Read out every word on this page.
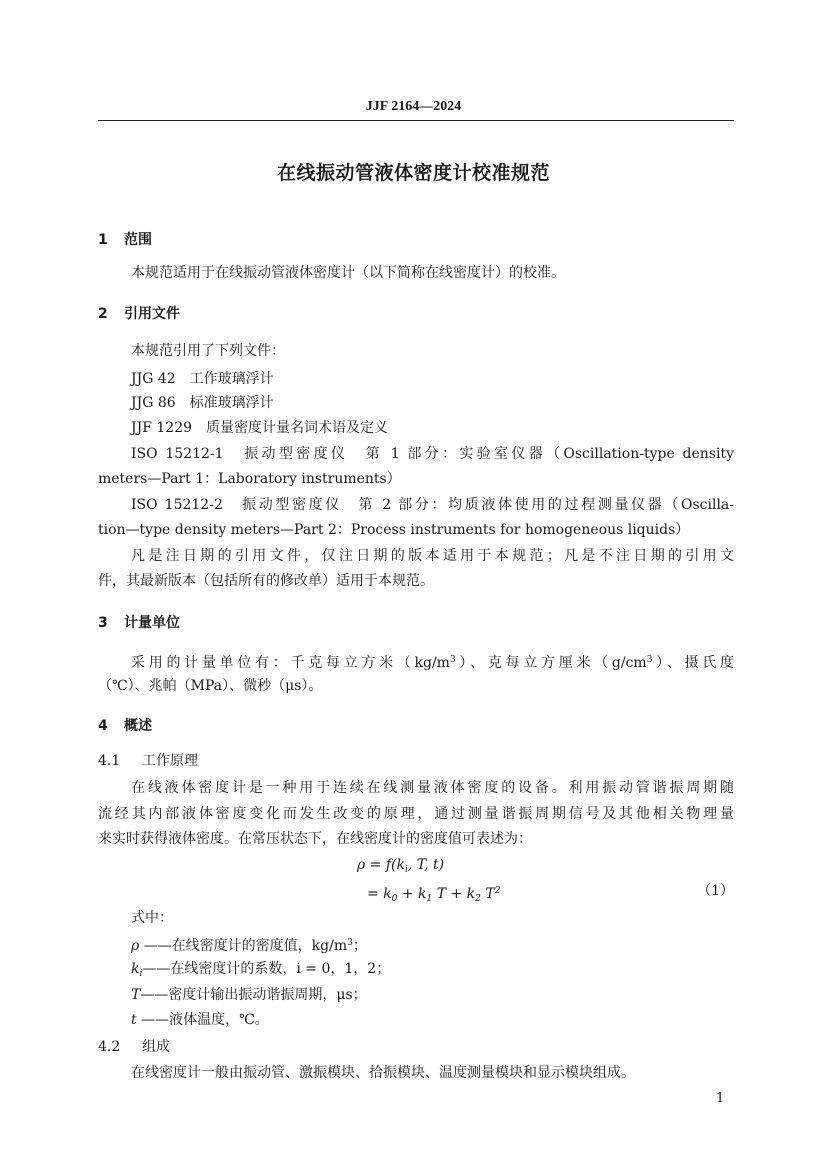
JJF 2164—2024
在线振动管液体密度计校准规范
1 范围
本规范适用于在线振动管液体密度计（以下简称在线密度计）的校准。
2 引用文件
本规范引用了下列文件：
JJG 42　工作玻璃浮计
JJG 86　标准玻璃浮计
JJF 1229　质量密度计量名词术语及定义
ISO 15212-1　振动型密度仪　第 1 部分：实验室仪器（Oscillation-type density
meters—Part 1：Laboratory instruments）
ISO 15212-2　振动型密度仪　第 2 部分：均质液体使用的过程测量仪器（Oscilla-
tion—type density meters—Part 2：Process instruments for homogeneous liquids）
凡是注日期的引用文件，仅注日期的版本适用于本规范；凡是不注日期的引用文
件，其最新版本（包括所有的修改单）适用于本规范。
3 计量单位
采用的计量单位有：千克每立方米$(kg/m^3)$、克每立方厘米$(g/cm^3)$、摄氏度
（℃）、兆帕（MPa）、微秒（μs）。
4 概述
4.1 工作原理
在线液体密度计是一种用于连续在线测量液体密度的设备。利用振动管谐振周期随
流经其内部液体密度变化而发生改变的原理，通过测量谐振周期信号及其他相关物理量
来实时获得液体密度。在常压状态下，在线密度计的密度值可表述为：
$\rho = f(k_i$, T, t)
= $k_0 + k_1$ $T + k_2$ $T^2$	（1）
式中：
ρ ——在线密度计的密度值，$kg/m^3$；
$k_i——$在线密度计的系数，i = 0，1，2；
T——密度计输出振动谐振周期，μs；
t ——液体温度，℃。
4.2 组成
在线密度计一般由振动管、激振模块、拾振模块、温度测量模块和显示模块组成。
1
